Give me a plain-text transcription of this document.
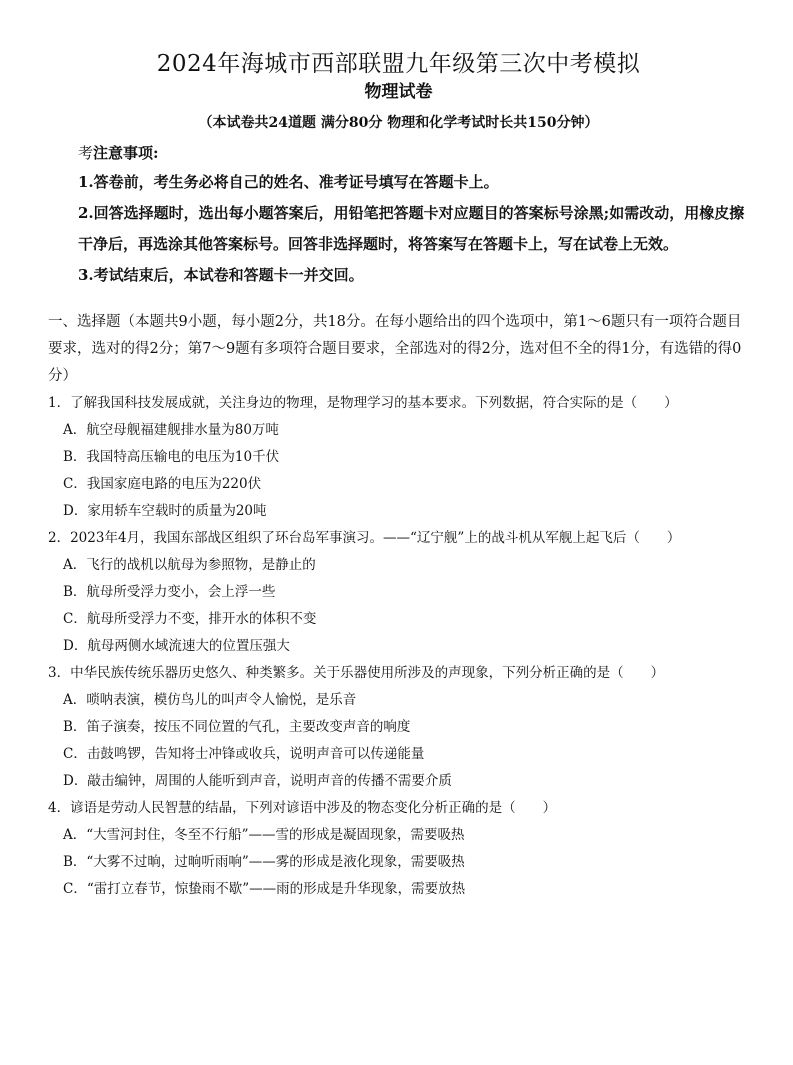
2024年海城市西部联盟九年级第三次中考模拟
物理试卷
（本试卷共24道题 满分80分 物理和化学考试时长共150分钟）
考注意事项:

1.答卷前，考生务必将自己的姓名、准考证号填写在答题卡上。

2.回答选择题时，选出每小题答案后，用铅笔把答题卡对应题目的答案标号涂黑;如需改动，用橡皮擦干净后，再选涂其他答案标号。回答非选择题时，将答案写在答题卡上，写在试卷上无效。

3.考试结束后，本试卷和答题卡一并交回。

一、选择题（本题共9小题，每小题2分，共18分。在每小题给出的四个选项中，第1～6题只有一项符合题目要求，选对的得2分；第7～9题有多项符合题目要求，全部选对的得2分，选对但不全的得1分，有选错的得0分）

1．了解我国科技发展成就，关注身边的物理，是物理学习的基本要求。下列数据，符合实际的是（　　）

A．航空母舰福建舰排水量为80万吨

B．我国特高压输电的电压为10千伏

C．我国家庭电路的电压为220伏

D．家用轿车空载时的质量为20吨

2．2023年4月，我国东部战区组织了环台岛军事演习。——“辽宁舰”上的战斗机从军舰上起飞后（　　）

A．飞行的战机以航母为参照物，是静止的

B．航母所受浮力变小，会上浮一些

C．航母所受浮力不变，排开水的体积不变

D．航母两侧水域流速大的位置压强大

3．中华民族传统乐器历史悠久、种类繁多。关于乐器使用所涉及的声现象，下列分析正确的是（　　）

A．唢呐表演，模仿鸟儿的叫声令人愉悦，是乐音

B．笛子演奏，按压不同位置的气孔，主要改变声音的响度

C．击鼓鸣锣，告知将士冲锋或收兵，说明声音可以传递能量

D．敲击编钟，周围的人能听到声音，说明声音的传播不需要介质

4．谚语是劳动人民智慧的结晶，下列对谚语中涉及的物态变化分析正确的是（　　）

A．“大雪河封住，冬至不行船”——雪的形成是凝固现象，需要吸热

B．“大雾不过晌，过晌听雨响”——雾的形成是液化现象，需要吸热

C．“雷打立春节，惊蛰雨不歇”——雨的形成是升华现象，需要放热
